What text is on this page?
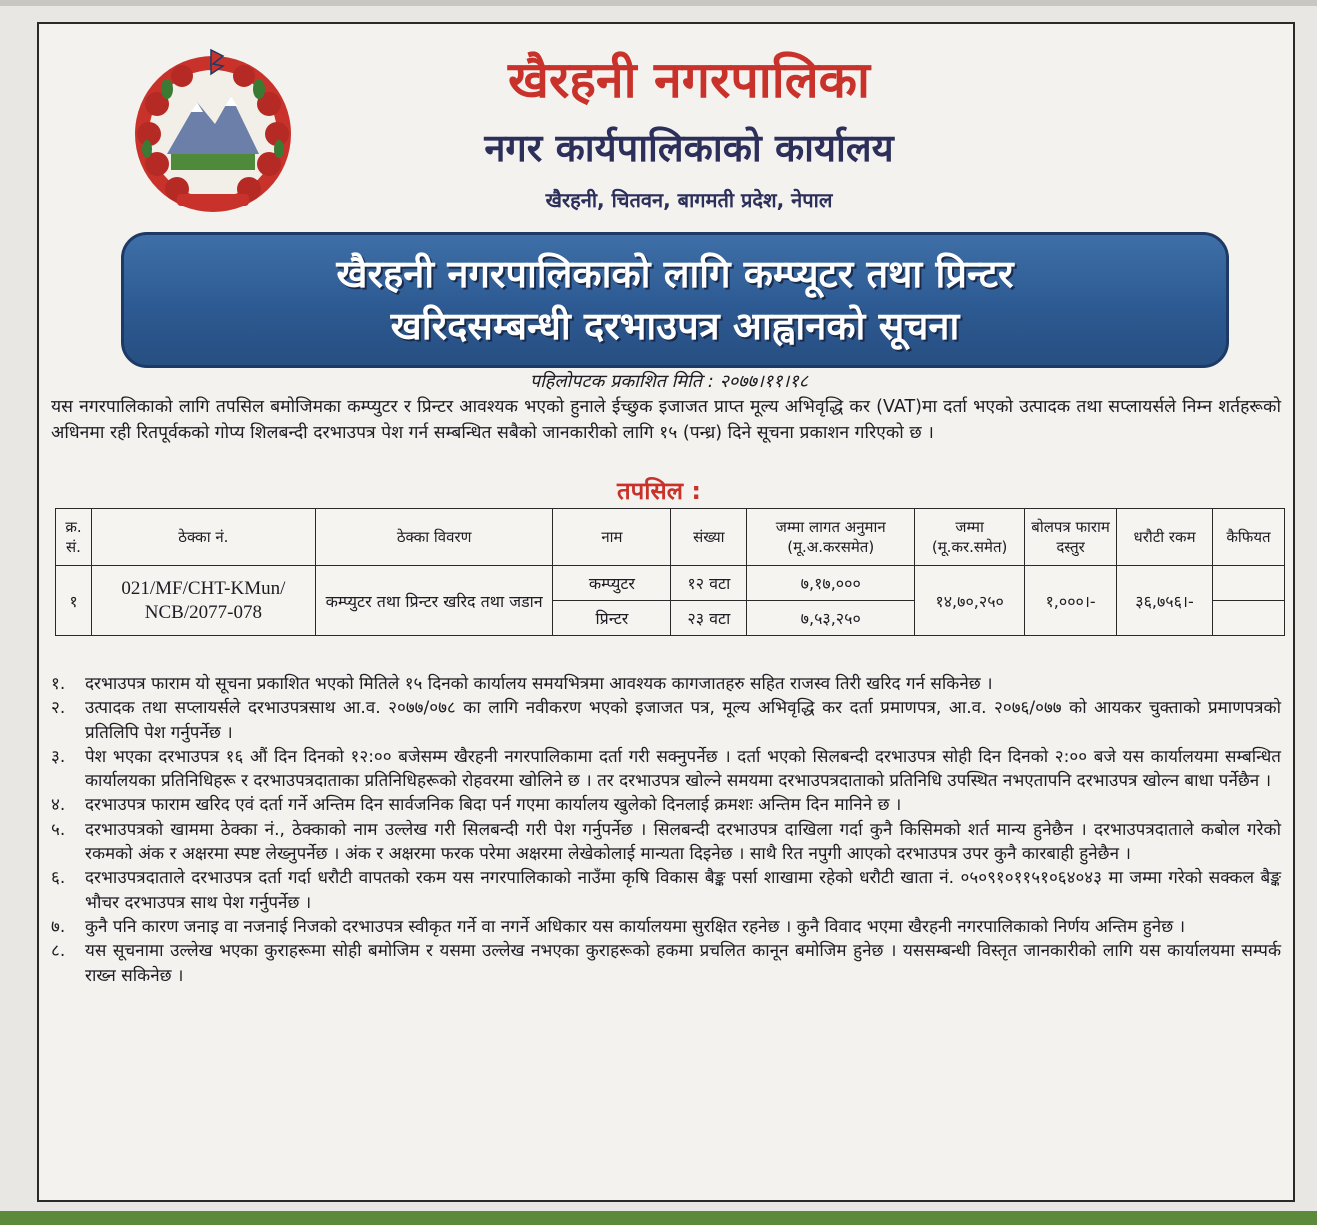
खैरहनी नगरपालिका
नगर कार्यपालिकाको कार्यालय
खैरहनी, चितवन, बागमती प्रदेश, नेपाल
खैरहनी नगरपालिकाको लागि कम्प्यूटर तथा प्रिन्टर
खरिदसम्बन्धी दरभाउपत्र आह्वानको सूचना
पहिलोपटक प्रकाशित मिति : २०७७।११।१८
यस नगरपालिकाको लागि तपसिल बमोजिमका कम्प्युटर र प्रिन्टर आवश्यक भएको हुनाले ईच्छुक इजाजत प्राप्त मूल्य अभिवृद्धि कर (VAT)मा दर्ता भएको उत्पादक तथा सप्लायर्सले निम्न शर्तहरूको अधिनमा रही रितपूर्वकको गोप्य शिलबन्दी दरभाउपत्र पेश गर्न सम्बन्धित सबैको जानकारीको लागि १५ (पन्ध्र) दिने सूचना प्रकाशन गरिएको छ ।
तपसिल :
क्र. सं.	ठेक्का नं.	ठेक्का विवरण	नाम	संख्या	जम्मा लागत अनुमान (मू.अ.करसमेत)	जम्मा (मू.कर.समेत)	बोलपत्र फाराम दस्तुर	धरौटी रकम	कैफियत
१	021/MF/CHT-KMun/ NCB/2077-078	कम्प्युटर तथा प्रिन्टर खरिद तथा जडान	कम्प्युटर	१२ वटा	७,१७,०००	१४,७०,२५०	१,०००।-	३६,७५६।-	
			प्रिन्टर	२३ वटा	७,५३,२५०				
१.	दरभाउपत्र फाराम यो सूचना प्रकाशित भएको मितिले १५ दिनको कार्यालय समयभित्रमा आवश्यक कागजातहरु सहित राजस्व तिरी खरिद गर्न सकिनेछ ।
२.	उत्पादक तथा सप्लायर्सले दरभाउपत्रसाथ आ.व. २०७७/०७८ का लागि नवीकरण भएको इजाजत पत्र, मूल्य अभिवृद्धि कर दर्ता प्रमाणपत्र, आ.व. २०७६/०७७ को आयकर चुक्ताको प्रमाणपत्रको प्रतिलिपि पेश गर्नुपर्नेछ ।
३.	पेश भएका दरभाउपत्र १६ औं दिन दिनको १२:०० बजेसम्म खैरहनी नगरपालिकामा दर्ता गरी सक्नुपर्नेछ । दर्ता भएको सिलबन्दी दरभाउपत्र सोही दिन दिनको २:०० बजे यस कार्यालयमा सम्बन्धित कार्यालयका प्रतिनिधिहरू र दरभाउपत्रदाताका प्रतिनिधिहरूको रोहवरमा खोलिने छ । तर दरभाउपत्र खोल्ने समयमा दरभाउपत्रदाताको प्रतिनिधि उपस्थित नभएतापनि दरभाउपत्र खोल्न बाधा पर्नेछैन ।
४.	दरभाउपत्र फाराम खरिद एवं दर्ता गर्ने अन्तिम दिन सार्वजनिक बिदा पर्न गएमा कार्यालय खुलेको दिनलाई क्रमशः अन्तिम दिन मानिने छ ।
५.	दरभाउपत्रको खाममा ठेक्का नं., ठेक्काको नाम उल्लेख गरी सिलबन्दी गरी पेश गर्नुपर्नेछ । सिलबन्दी दरभाउपत्र दाखिला गर्दा कुनै किसिमको शर्त मान्य हुनेछैन । दरभाउपत्रदाताले कबोल गरेको रकमको अंक र अक्षरमा स्पष्ट लेख्नुपर्नेछ । अंक र अक्षरमा फरक परेमा अक्षरमा लेखेकोलाई मान्यता दिइनेछ । साथै रित नपुगी आएको दरभाउपत्र उपर कुनै कारबाही हुनेछैन ।
६.	दरभाउपत्रदाताले दरभाउपत्र दर्ता गर्दा धरौटी वापतको रकम यस नगरपालिकाको नाउँमा कृषि विकास बैङ्क पर्सा शाखामा रहेको धरौटी खाता नं. ०५०९१०११५१०६४०४३ मा जम्मा गरेको सक्कल बैङ्क भौचर दरभाउपत्र साथ पेश गर्नुपर्नेछ ।
७.	कुनै पनि कारण जनाइ वा नजनाई निजको दरभाउपत्र स्वीकृत गर्ने वा नगर्ने अधिकार यस कार्यालयमा सुरक्षित रहनेछ । कुनै विवाद भएमा खैरहनी नगरपालिकाको निर्णय अन्तिम हुनेछ ।
८.	यस सूचनामा उल्लेख भएका कुराहरूमा सोही बमोजिम र यसमा उल्लेख नभएका कुराहरूको हकमा प्रचलित कानून बमोजिम हुनेछ । यससम्बन्धी विस्तृत जानकारीको लागि यस कार्यालयमा सम्पर्क राख्न सकिनेछ ।
